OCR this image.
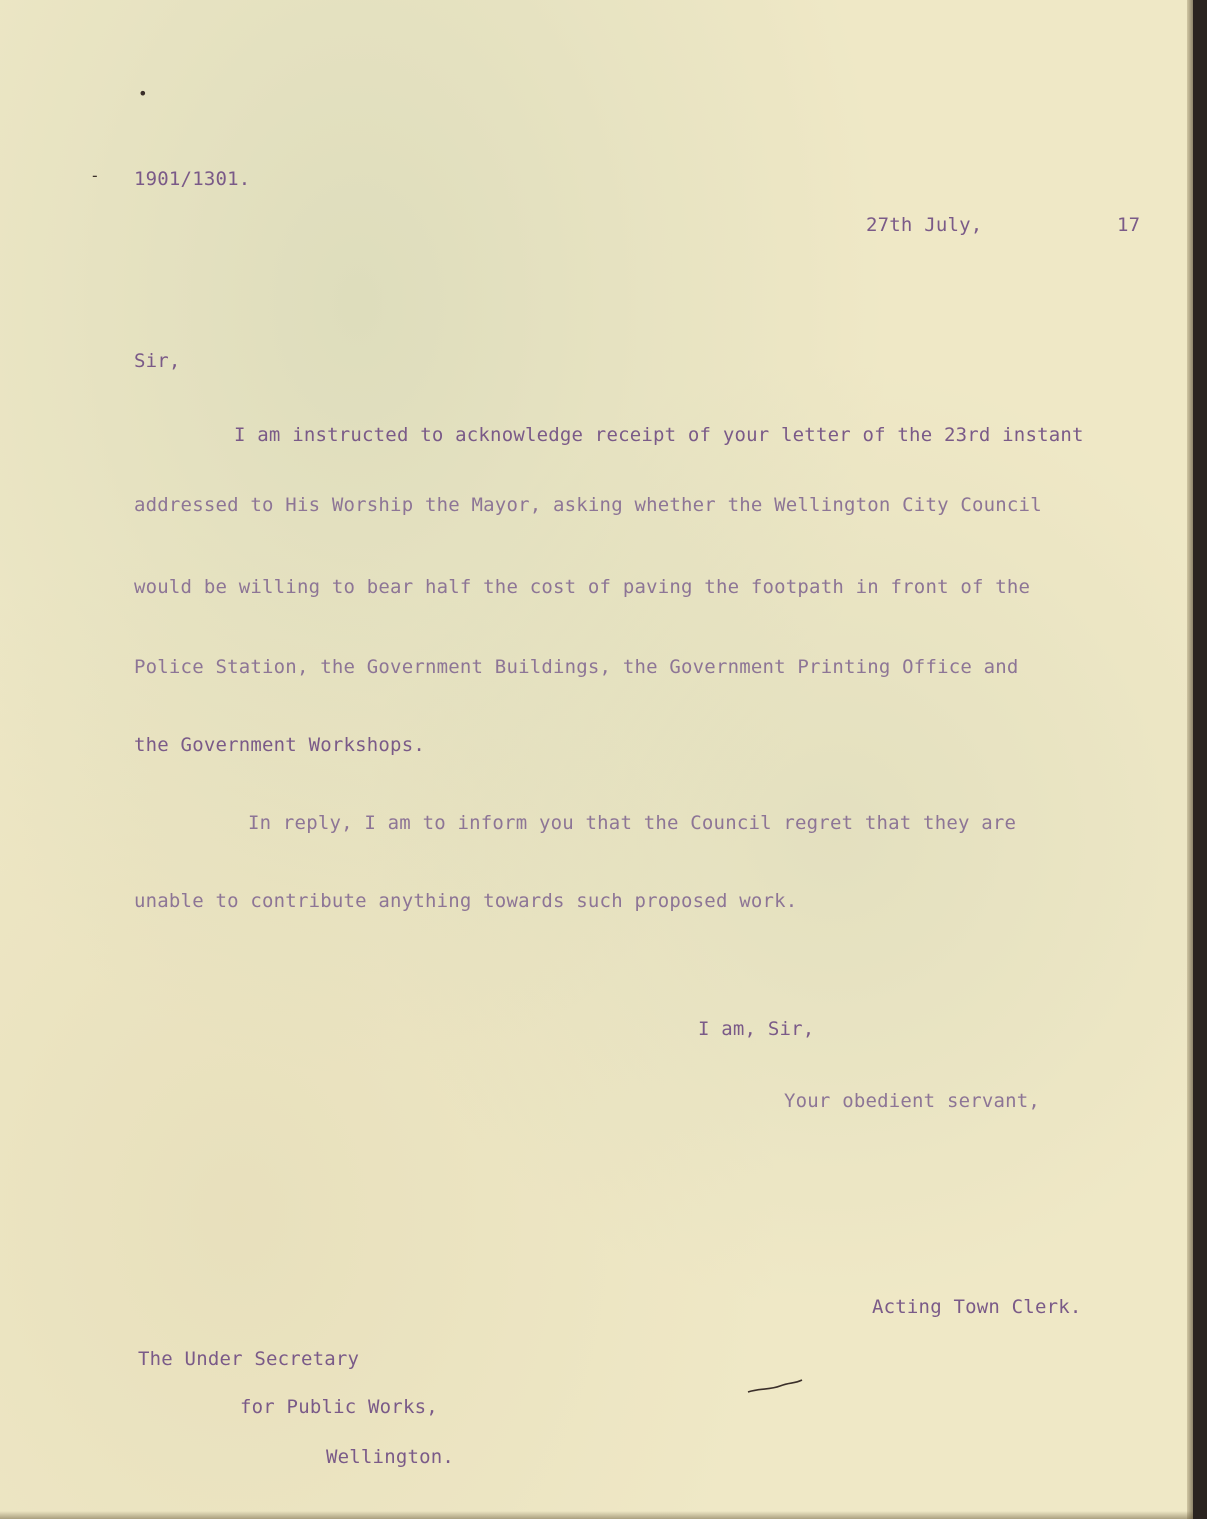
-
•
1901/1301.
27th July,	17
Sir,
I am instructed to acknowledge receipt of your letter of the 23rd instant
addressed to His Worship the Mayor, asking whether the Wellington City Council
would be willing to bear half the cost of paving the footpath in front of the
Police Station, the Government Buildings, the Government Printing Office and
the Government Workshops.
In reply, I am to inform you that the Council regret that they are
unable to contribute anything towards such proposed work.
I am, Sir,
Your obedient servant,
Acting Town Clerk.
The Under Secretary
for Public Works,
Wellington.
